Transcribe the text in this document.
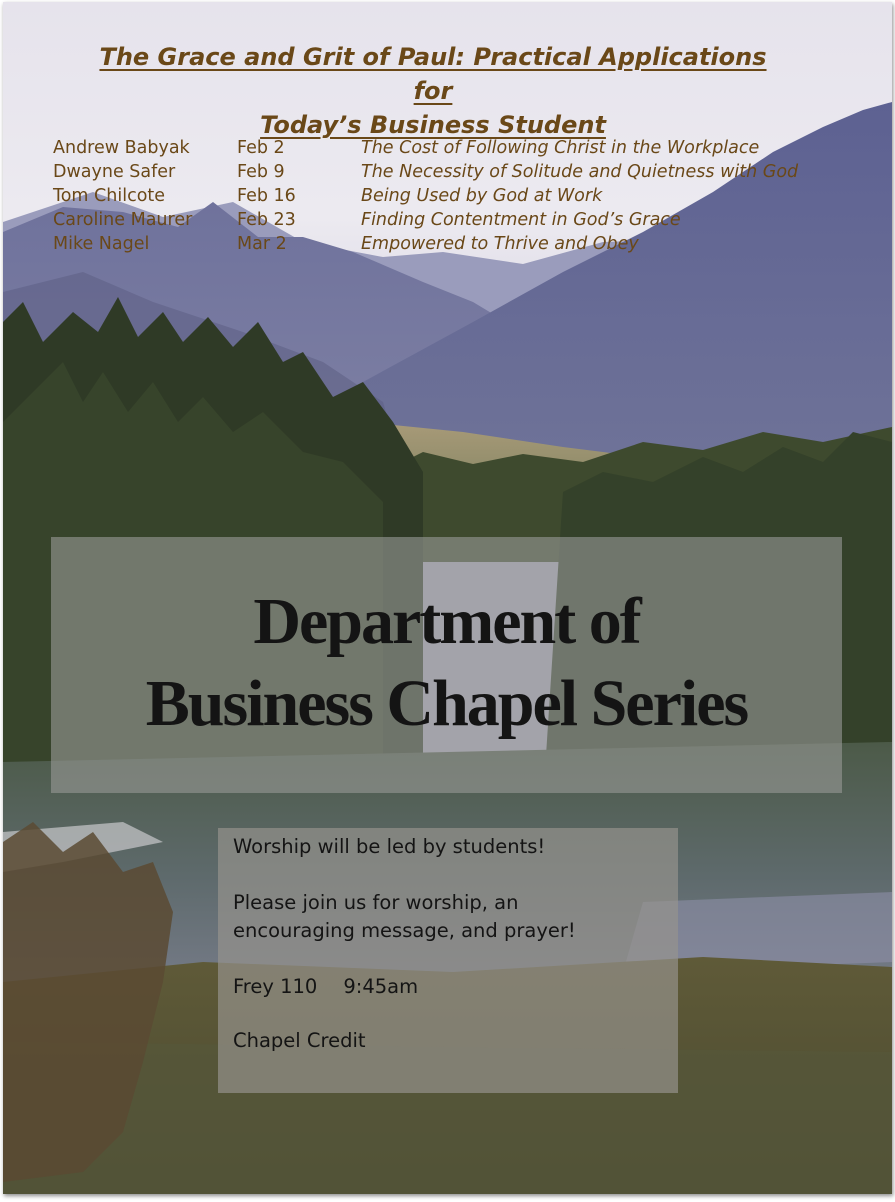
The Grace and Grit of Paul: Practical Applications for
Today’s Business Student
Andrew Babyak	Feb 2	The Cost of Following Christ in the Workplace
Dwayne Safer	Feb 9	The Necessity of Solitude and Quietness with God
Tom Chilcote	Feb 16	Being Used by God at Work
Caroline Maurer	Feb 23	Finding Contentment in God’s Grace
Mike Nagel	Mar 2	Empowered to Thrive and Obey
Department of
Business Chapel Series
Worship will be led by students!
Please join us for worship, an
encouraging message, and prayer!
Frey 110 9:45am
Chapel Credit
